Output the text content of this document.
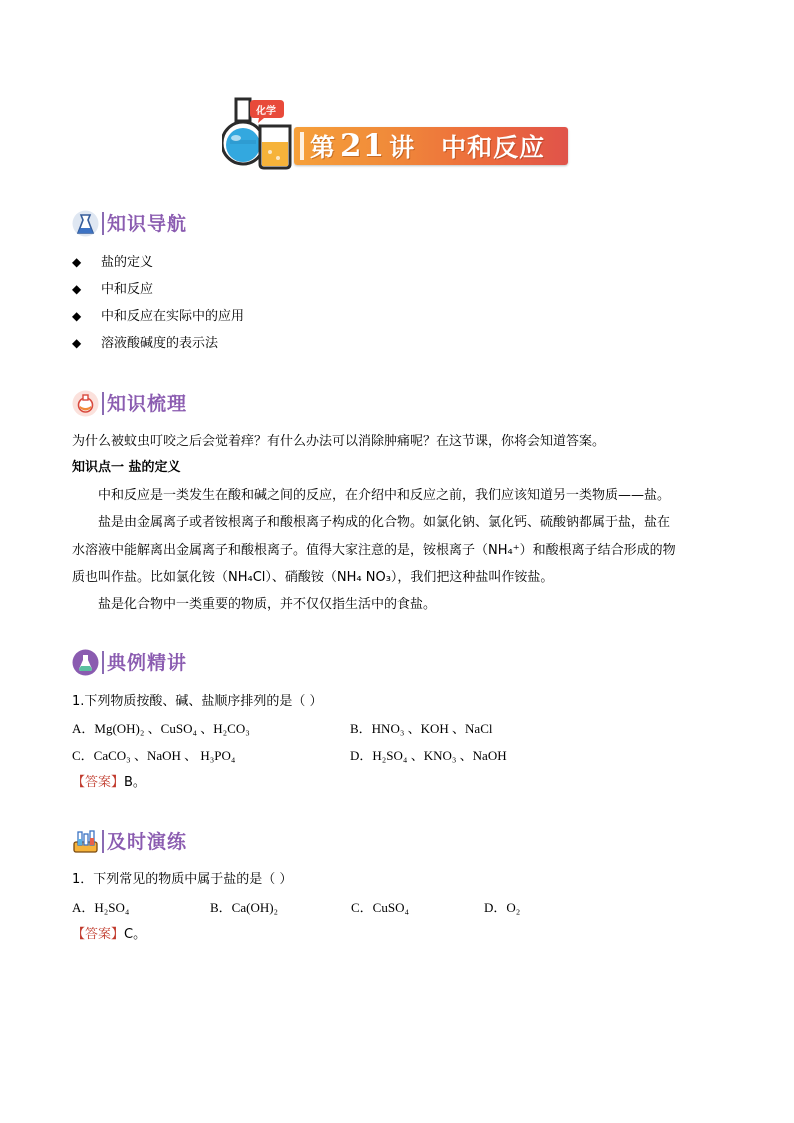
化学
第 21 讲 中和反应
知识导航
◆ 盐的定义
◆ 中和反应
◆ 中和反应在实际中的应用
◆ 溶液酸碱度的表示法
知识梳理
为什么被蚊虫叮咬之后会觉着痒？有什么办法可以消除肿痛呢？在这节课，你将会知道答案。
知识点一 盐的定义
中和反应是一类发生在酸和碱之间的反应，在介绍中和反应之前，我们应该知道另一类物质——盐。
盐是由金属离子或者铵根离子和酸根离子构成的化合物。如氯化钠、氯化钙、硫酸钠都属于盐，盐在
水溶液中能解离出金属离子和酸根离子。值得大家注意的是，铵根离子（NH₄⁺）和酸根离子结合形成的物
质也叫作盐。比如氯化铵（NH₄Cl）、硝酸铵（NH₄ NO₃），我们把这种盐叫作铵盐。
盐是化合物中一类重要的物质，并不仅仅指生活中的食盐。
典例精讲
1.下列物质按酸、碱、盐顺序排列的是（ ）
A．Mg(OH)₂ 、CuSO₄ 、H₂CO₃	B．HNO₃ 、KOH 、NaCl
C．CaCO₃ 、NaOH 、 H₃PO₄	D．H₂SO₄ 、KNO₃ 、NaOH
【答案】B。
及时演练
1．下列常见的物质中属于盐的是（ ）
A．H₂SO₄	B．Ca(OH)₂	C．CuSO₄	D．O₂
【答案】C。
